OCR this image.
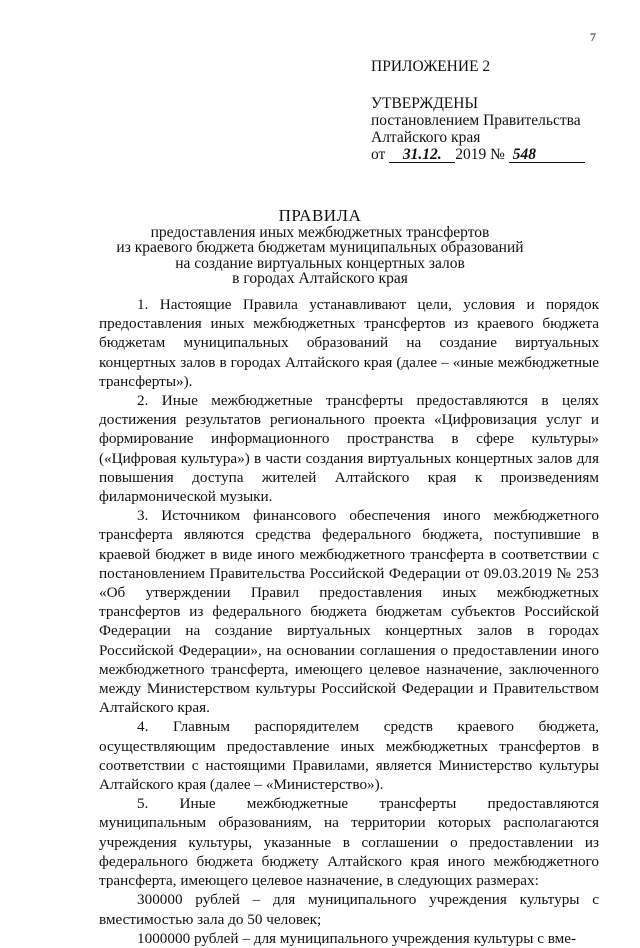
7
ПРИЛОЖЕНИЕ 2
УТВЕРЖДЕНЫ
постановлением Правительства
Алтайского края
от 31.12. 2019 № 548
ПРАВИЛА
предоставления иных межбюджетных трансфертов
из краевого бюджета бюджетам муниципальных образований
на создание виртуальных концертных залов
в городах Алтайского края

1. Настоящие Правила устанавливают цели, условия и порядок предоставления иных межбюджетных трансфертов из краевого бюджета бюджетам муниципальных образований на создание виртуальных концертных залов в городах Алтайского края (далее – «иные межбюджетные трансферты»).

2. Иные межбюджетные трансферты предоставляются в целях достижения результатов регионального проекта «Цифровизация услуг и формирование информационного пространства в сфере культуры» («Цифровая культура») в части создания виртуальных концертных залов для повышения доступа жителей Алтайского края к произведениям филармонической музыки.

3. Источником финансового обеспечения иного межбюджетного трансферта являются средства федерального бюджета, поступившие в краевой бюджет в виде иного межбюджетного трансферта в соответствии с постановлением Правительства Российской Федерации от 09.03.2019 № 253 «Об утверждении Правил предоставления иных межбюджетных трансфертов из федерального бюджета бюджетам субъектов Российской Федерации на создание виртуальных концертных залов в городах Российской Федерации», на основании соглашения о предоставлении иного межбюджетного трансферта, имеющего целевое назначение, заключенного между Министерством культуры Российской Федерации и Правительством Алтайского края.

4. Главным распорядителем средств краевого бюджета, осуществляющим предоставление иных межбюджетных трансфертов в соответствии с настоящими Правилами, является Министерство культуры Алтайского края (далее – «Министерство»).

5. Иные межбюджетные трансферты предоставляются муниципальным образованиям, на территории которых располагаются учреждения культуры, указанные в соглашении о предоставлении из федерального бюджета бюджету Алтайского края иного межбюджетного трансферта, имеющего целевое назначение, в следующих размерах:

300000 рублей – для муниципального учреждения культуры с вместимостью зала до 50 человек;

1000000 рублей – для муниципального учреждения культуры с вме-
